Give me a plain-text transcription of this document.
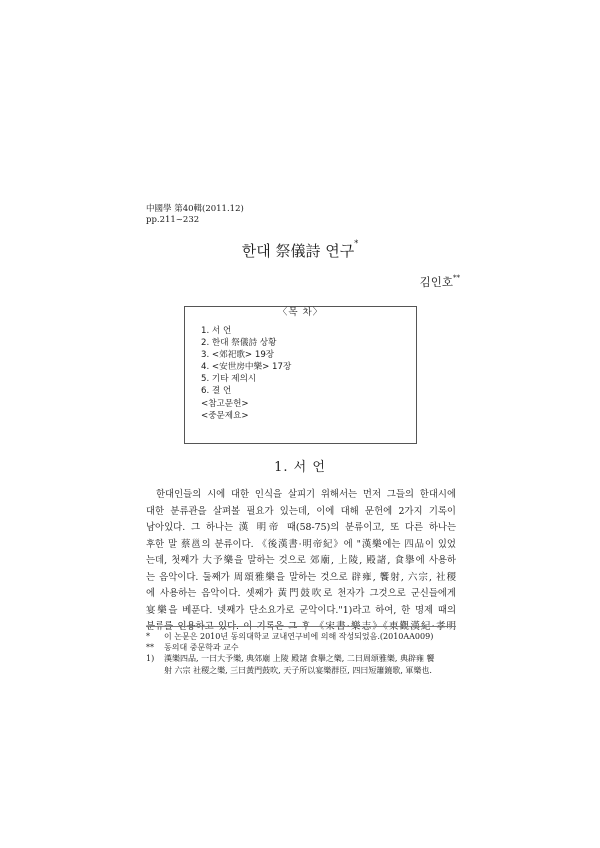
中國學 第40輯(2011.12)
pp.211~232
한대 祭儀詩 연구*
김인호**
〈목 차〉
1. 서 언
2. 한대 祭儀詩 상황
3. <郊祀歌> 19장
4. <安世房中樂> 17장
5. 기타 제의시
6. 결 언
<참고문헌>
<중문제요>
1. 서 언
한대인들의 시에 대한 인식을 살피기 위해서는 먼저 그들의 한대시에
대한 분류관을 살펴볼 필요가 있는데, 이에 대해 문헌에 2가지 기록이
남아있다. 그 하나는 漢 明帝 때(58-75)의 분류이고, 또 다른 하나는
후한 말 蔡邕의 분류이다. 《後漢書·明帝紀》에 "漢樂에는 四品이 있었
는데, 첫째가 大予樂을 말하는 것으로 郊廟, 上陵, 殿諸, 食擧에 사용하
는 음악이다. 둘째가 周頌雅樂을 말하는 것으로 辟雍, 饗射, 六宗, 社稷
에 사용하는 음악이다. 셋째가 黃門鼓吹로 천자가 그것으로 군신들에게
宴樂을 베푼다. 넷째가 단소요가로 군악이다."1)라고 하여, 한 명제 때의
분류를 인용하고 있다. 이 기록은 그 후 《宋書·樂志》《東觀漢紀·孝明
* 이 논문은 2010년 동의대학교 교내연구비에 의해 작성되었음.(2010AA009)
** 동의대 중문학과 교수
1) 漢樂四品, 一曰大予樂, 典郊廟 上陵 殿諸 食擧之樂, 二曰周頌雅樂, 典辟雍 饗
射 六宗 社稷之樂, 三曰黃門鼓吹, 天子所以宴樂群臣, 四曰短簫鐃歌, 軍樂也.
